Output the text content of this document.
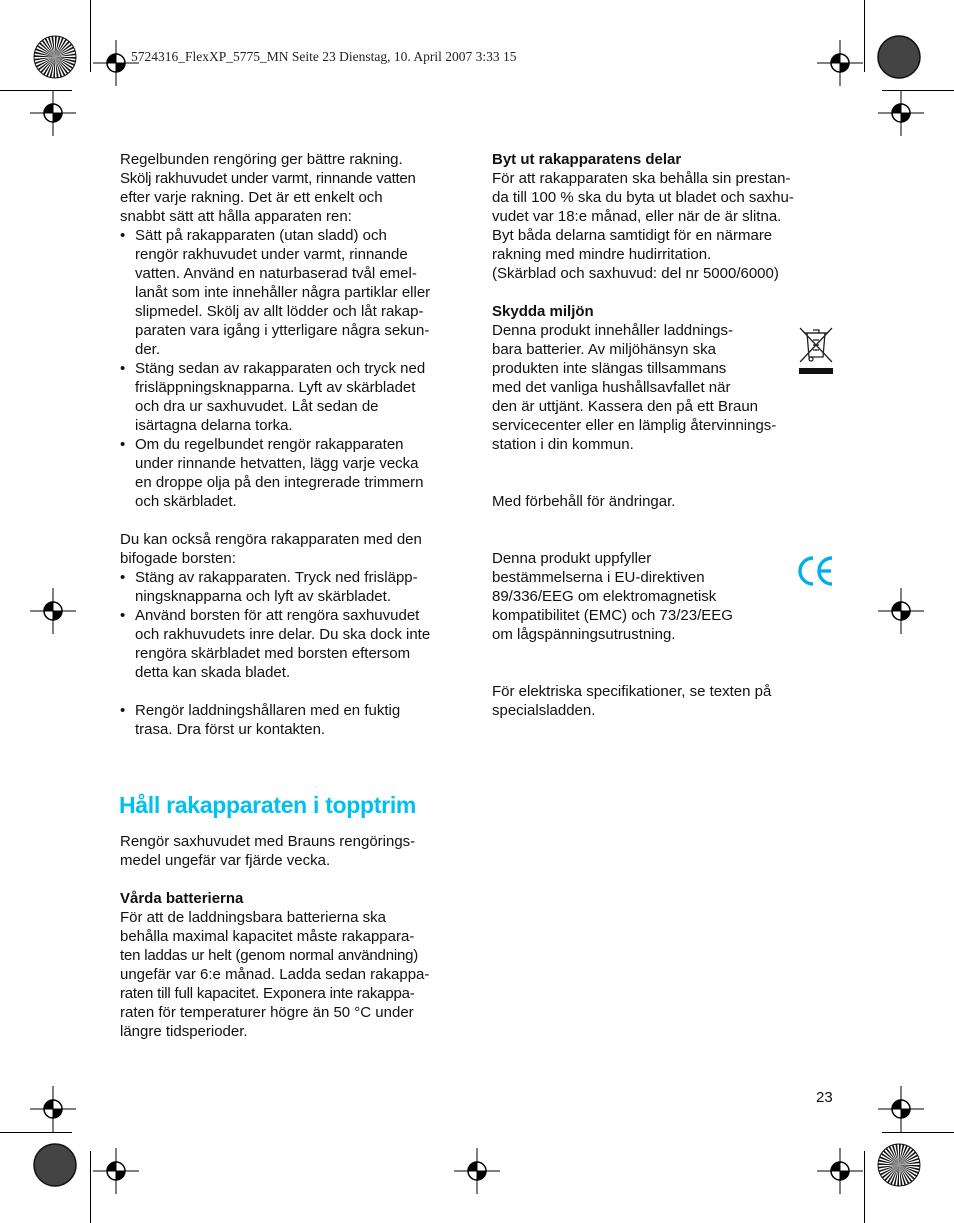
5724316_FlexXP_5775_MN Seite 23 Dienstag, 10. April 2007 3:33 15

Regelbunden rengöring ger bättre rakning.

Skölj rakhuvudet under varmt, rinnande vatten

efter varje rakning. Det är ett enkelt och

snabbt sätt att hålla apparaten ren:

• Sätt på rakapparaten (utan sladd) och

rengör rakhuvudet under varmt, rinnande

vatten. Använd en naturbaserad tvål emel-

lanåt som inte innehåller några partiklar eller

slipmedel. Skölj av allt lödder och låt rakap-

paraten vara igång i ytterligare några sekun-

der.

• Stäng sedan av rakapparaten och tryck ned

frisläppningsknapparna. Lyft av skärbladet

och dra ur saxhuvudet. Låt sedan de

isärtagna delarna torka.

• Om du regelbundet rengör rakapparaten

under rinnande hetvatten, lägg varje vecka

en droppe olja på den integrerade trimmern

och skärbladet.

Du kan också rengöra rakapparaten med den

bifogade borsten:

• Stäng av rakapparaten. Tryck ned frisläpp-

ningsknapparna och lyft av skärbladet.

• Använd borsten för att rengöra saxhuvudet

och rakhuvudets inre delar. Du ska dock inte

rengöra skärbladet med borsten eftersom

detta kan skada bladet.

• Rengör laddningshållaren med en fuktig

trasa. Dra först ur kontakten.

Håll rakapparaten i topptrim

Rengör saxhuvudet med Brauns rengörings-

medel ungefär var fjärde vecka.

Vårda batterierna

För att de laddningsbara batterierna ska

behålla maximal kapacitet måste rakappara-

ten laddas ur helt (genom normal användning)

ungefär var 6:e månad. Ladda sedan rakappa-

raten till full kapacitet. Exponera inte rakappa-

raten för temperaturer högre än 50 °C under

längre tidsperioder.

Byt ut rakapparatens delar

För att rakapparaten ska behålla sin prestan-

da till 100 % ska du byta ut bladet och saxhu-

vudet var 18:e månad, eller när de är slitna.

Byt båda delarna samtidigt för en närmare

rakning med mindre hudirritation.

(Skärblad och saxhuvud: del nr 5000/6000)

Skydda miljön

Denna produkt innehåller laddnings-

bara batterier. Av miljöhänsyn ska

produkten inte slängas tillsammans

med det vanliga hushållsavfallet när

den är uttjänt. Kassera den på ett Braun

servicecenter eller en lämplig återvinnings-

station i din kommun.

Med förbehåll för ändringar.

Denna produkt uppfyller

bestämmelserna i EU-direktiven

89/336/EEG om elektromagnetisk

kompatibilitet (EMC) och 73/23/EEG

om lågspänningsutrustning.

För elektriska specifikationer, se texten på

specialsladden.

23
